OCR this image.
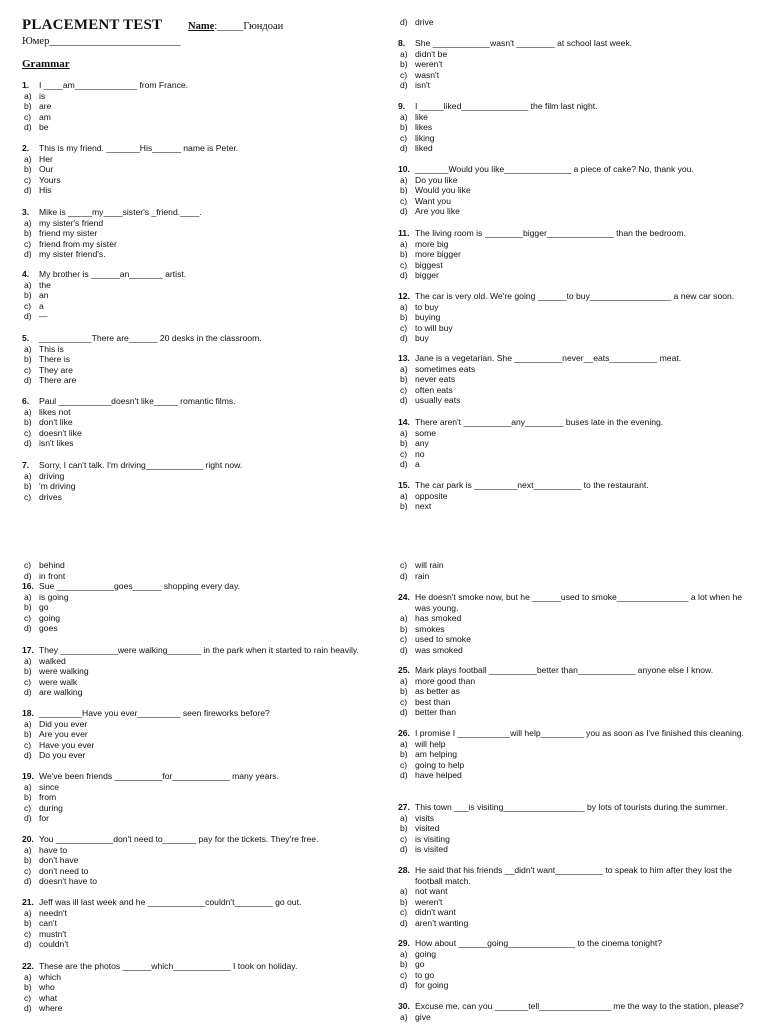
PLACEMENT TEST Name:_____Гюндоаи
Юмер_________________________
Grammar
1. I ____am_____________ from France.
a) is
b) are
c) am
d) be
2. This is my friend. _______His______ name is Peter.
a) Her
b) Our
c) Yours
d) His
3. Mike is _____my____sister's _friend.____.
a) my sister's friend
b) friend my sister
c) friend from my sister
d) my sister friend's.
4. My brother is ______an_______ artist.
a) the
b) an
c) a
d) —
5. ___________There are______ 20 desks in the classroom.
a) This is
b) There is
c) They are
d) There are
6. Paul ___________doesn't like_____ romantic films.
a) likes not
b) don't like
c) doesn't like
d) isn't likes
7. Sorry, I can't talk. I'm driving____________ right now.
a) driving
b) 'm driving
c) drives
d) drive
8. She ____________wasn't ________ at school last week.
a) didn't be
b) weren't
c) wasn't
d) isn't
9. I _____liked______________ the film last night.
a) like
b) likes
c) liking
d) liked
10. _______Would you like______________ a piece of cake? No, thank you.
a) Do you like
b) Would you like
c) Want you
d) Are you like
11. The living room is ________bigger______________ than the bedroom.
a) more big
b) more bigger
c) biggest
d) bigger
12. The car is very old. We're going ______to buy_________________ a new car soon.
a) to buy
b) buying
c) to will buy
d) buy
13. Jane is a vegetarian. She __________never__eats__________ meat.
a) sometimes eats
b) never eats
c) often eats
d) usually eats
14. There aren't __________any________ buses late in the evening.
a) some
b) any
c) no
d) a
15. The car park is _________next__________ to the restaurant.
a) opposite
b) next
c) behind
d) in front
16. Sue ____________goes______ shopping every day.
a) is going
b) go
c) going
d) goes
17. They ____________were walking_______ in the park when it started to rain heavily.
a) walked
b) were walking
c) were walk
d) are walking
18. _________Have you ever_________ seen fireworks before?
a) Did you ever
b) Are you ever
c) Have you ever
d) Do you ever
19. We've been friends __________for____________ many years.
a) since
b) from
c) during
d) for
20. You ____________don't need to_______ pay for the tickets. They're free.
a) have to
b) don't have
c) don't need to
d) doesn't have to
21. Jeff was ill last week and he ____________couldn't________ go out.
a) needn't
b) can't
c) mustn't
d) couldn't
22. These are the photos ______which____________ I took on holiday.
a) which
b) who
c) what
d) where
c) will rain
d) rain
24. He doesn't smoke now, but he ______used to smoke_______________ a lot when he was young.
a) has smoked
b) smokes
c) used to smoke
d) was smoked
25. Mark plays football __________better than____________ anyone else I know.
a) more good than
b) as better as
c) best than
d) better than
26. I promise I ___________will help_________ you as soon as I've finished this cleaning.
a) will help
b) am helping
c) going to help
d) have helped
27. This town ___is visiting_________________ by lots of tourists during the summer.
a) visits
b) visited
c) is visiting
d) is visited
28. He said that his friends __didn't want__________ to speak to him after they lost the football match.
a) not want
b) weren't
c) didn't want
d) aren't wanting
29. How about ______going______________ to the cinema tonight?
a) going
b) go
c) to go
d) for going
30. Excuse me, can you _______tell_______________ me the way to the station, please?
a) give
